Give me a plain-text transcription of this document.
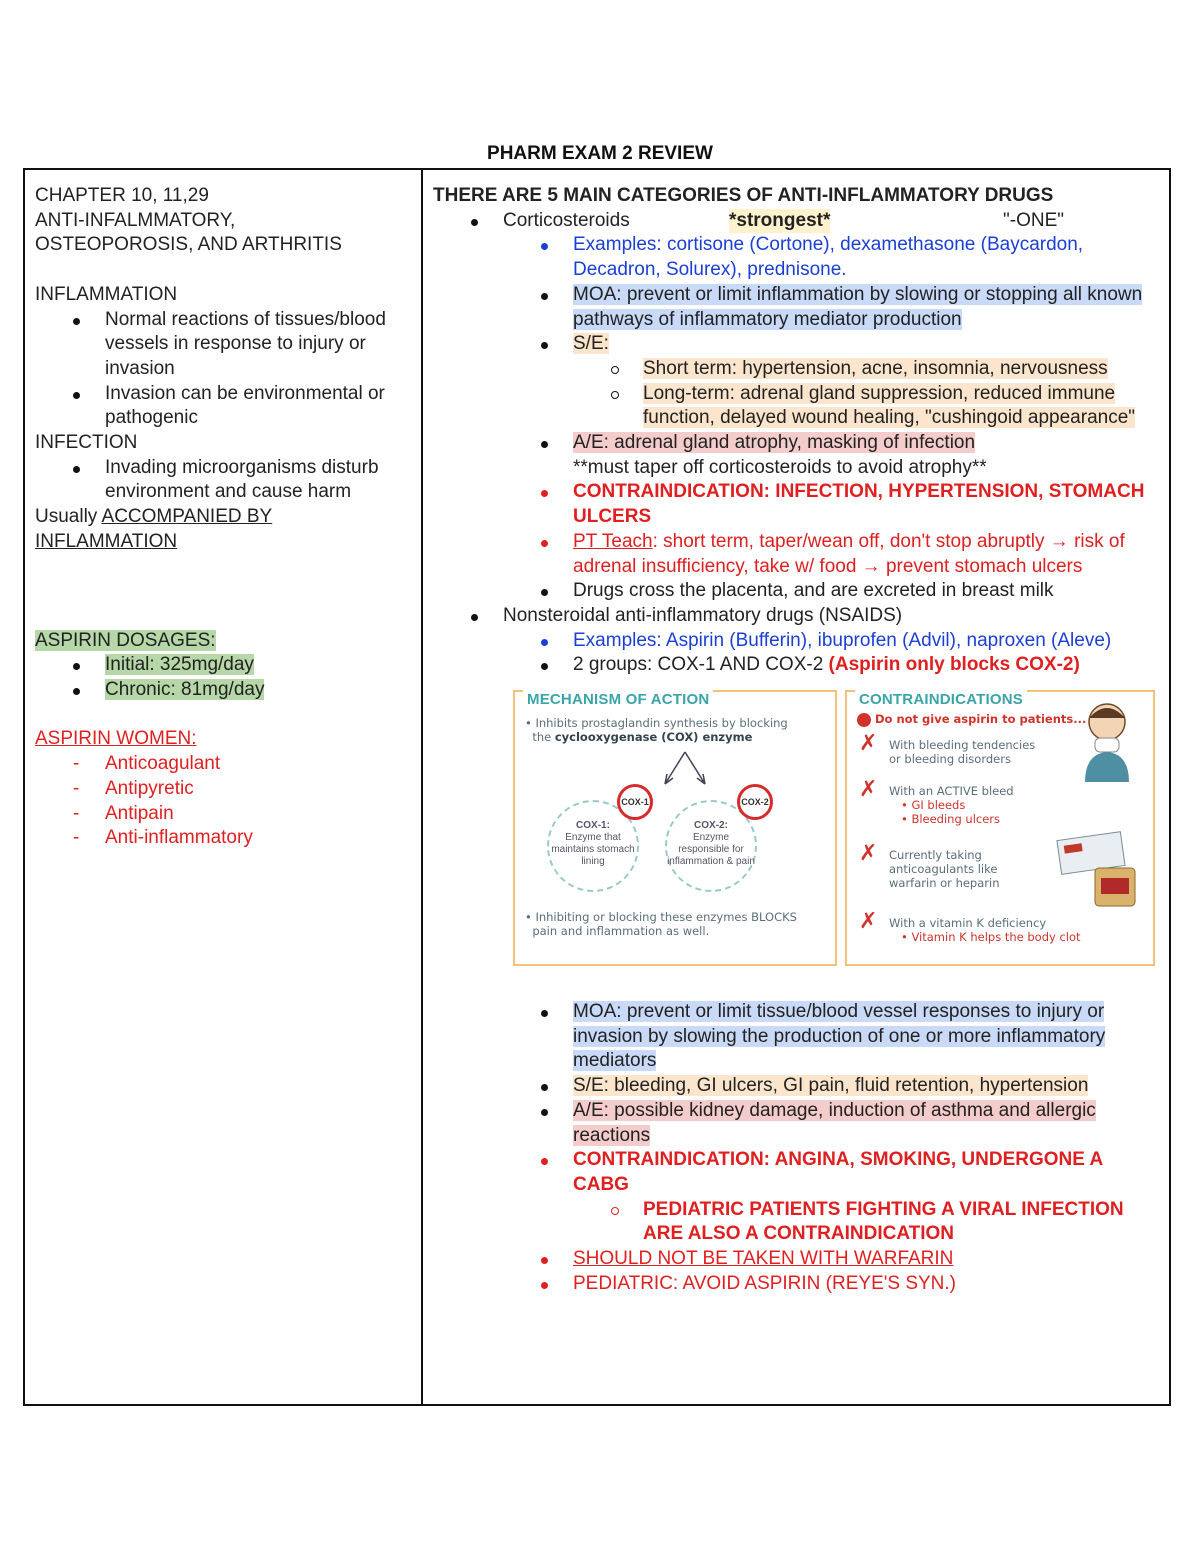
PHARM EXAM 2 REVIEW
CHAPTER 10, 11,29
ANTI-INFALMMATORY,
OSTEOPOROSIS, AND ARTHRITIS
INFLAMMATION
Normal reactions of tissues/blood vessels in response to injury or invasion
Invasion can be environmental or pathogenic
INFECTION
Invading microorganisms disturb environment and cause harm
Usually ACCOMPANIED BY INFLAMMATION
ASPIRIN DOSAGES:
Initial: 325mg/day
Chronic: 81mg/day
ASPIRIN WOMEN:
- Anticoagulant
- Antipyretic
- Antipain
- Anti-inflammatory
THERE ARE 5 MAIN CATEGORIES OF ANTI-INFLAMMATORY DRUGS
Corticosteroids	*strongest*	"-ONE"
Examples: cortisone (Cortone), dexamethasone (Baycardon, Decadron, Solurex), prednisone.
MOA: prevent or limit inflammation by slowing or stopping all known pathways of inflammatory mediator production
S/E:
Short term: hypertension, acne, insomnia, nervousness
Long-term: adrenal gland suppression, reduced immune function, delayed wound healing, "cushingoid appearance"
A/E: adrenal gland atrophy, masking of infection
**must taper off corticosteroids to avoid atrophy**
CONTRAINDICATION: INFECTION, HYPERTENSION, STOMACH ULCERS
PT Teach: short term, taper/wean off, don't stop abruptly → risk of adrenal insufficiency, take w/ food → prevent stomach ulcers
Drugs cross the placenta, and are excreted in breast milk
Nonsteroidal anti-inflammatory drugs (NSAIDS)
Examples: Aspirin (Bufferin), ibuprofen (Advil), naproxen (Aleve)
2 groups: COX-1 AND COX-2 (Aspirin only blocks COX-2)
MECHANISM OF ACTION
• Inhibits prostaglandin synthesis by blocking
the cyclooxygenase (COX) enzyme
COX-1:
Enzyme that maintains stomach lining
COX-1
COX-2:
Enzyme responsible for inflammation & pain
COX-2
• Inhibiting or blocking these enzymes BLOCKS
pain and inflammation as well.
CONTRAINDICATIONS
Do not give aspirin to patients...
✗ With bleeding tendencies or bleeding disorders
✗ With an ACTIVE bleed
• GI bleeds
• Bleeding ulcers
✗ Currently taking anticoagulants like warfarin or heparin
✗ With a vitamin K deficiency
• Vitamin K helps the body clot
MOA: prevent or limit tissue/blood vessel responses to injury or invasion by slowing the production of one or more inflammatory mediators
S/E: bleeding, GI ulcers, GI pain, fluid retention, hypertension
A/E: possible kidney damage, induction of asthma and allergic reactions
CONTRAINDICATION: ANGINA, SMOKING, UNDERGONE A CABG
PEDIATRIC PATIENTS FIGHTING A VIRAL INFECTION ARE ALSO A CONTRAINDICATION
SHOULD NOT BE TAKEN WITH WARFARIN
PEDIATRIC: AVOID ASPIRIN (REYE'S SYN.)
